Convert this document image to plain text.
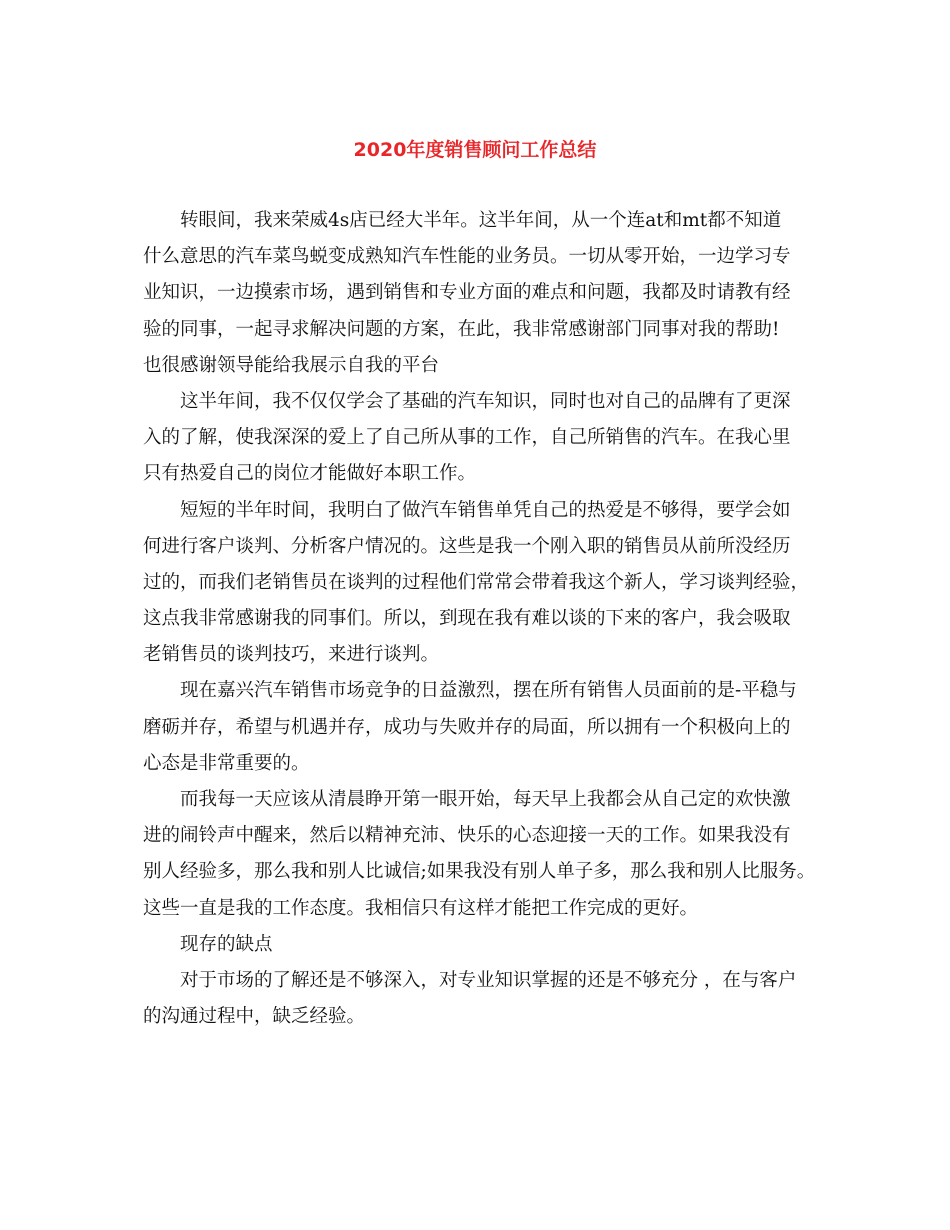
2020年度销售顾问工作总结
转眼间，我来荣威4s店已经大半年。这半年间，从一个连at和mt都不知道
什么意思的汽车菜鸟蜕变成熟知汽车性能的业务员。一切从零开始，一边学习专
业知识，一边摸索市场，遇到销售和专业方面的难点和问题，我都及时请教有经
验的同事，一起寻求解决问题的方案，在此，我非常感谢部门同事对我的帮助!
也很感谢领导能给我展示自我的平台
这半年间，我不仅仅学会了基础的汽车知识，同时也对自己的品牌有了更深
入的了解，使我深深的爱上了自己所从事的工作，自己所销售的汽车。在我心里
只有热爱自己的岗位才能做好本职工作。
短短的半年时间，我明白了做汽车销售单凭自己的热爱是不够得，要学会如
何进行客户谈判、分析客户情况的。这些是我一个刚入职的销售员从前所没经历
过的，而我们老销售员在谈判的过程他们常常会带着我这个新人，学习谈判经验，
这点我非常感谢我的同事们。所以，到现在我有难以谈的下来的客户，我会吸取
老销售员的谈判技巧，来进行谈判。
现在嘉兴汽车销售市场竞争的日益激烈，摆在所有销售人员面前的是-平稳与
磨砺并存，希望与机遇并存，成功与失败并存的局面，所以拥有一个积极向上的
心态是非常重要的。
而我每一天应该从清晨睁开第一眼开始，每天早上我都会从自己定的欢快激
进的闹铃声中醒来，然后以精神充沛、快乐的心态迎接一天的工作。如果我没有
别人经验多，那么我和别人比诚信;如果我没有别人单子多，那么我和别人比服务。
这些一直是我的工作态度。我相信只有这样才能把工作完成的更好。
现存的缺点
对于市场的了解还是不够深入，对专业知识掌握的还是不够充分 ，在与客户
的沟通过程中，缺乏经验。
